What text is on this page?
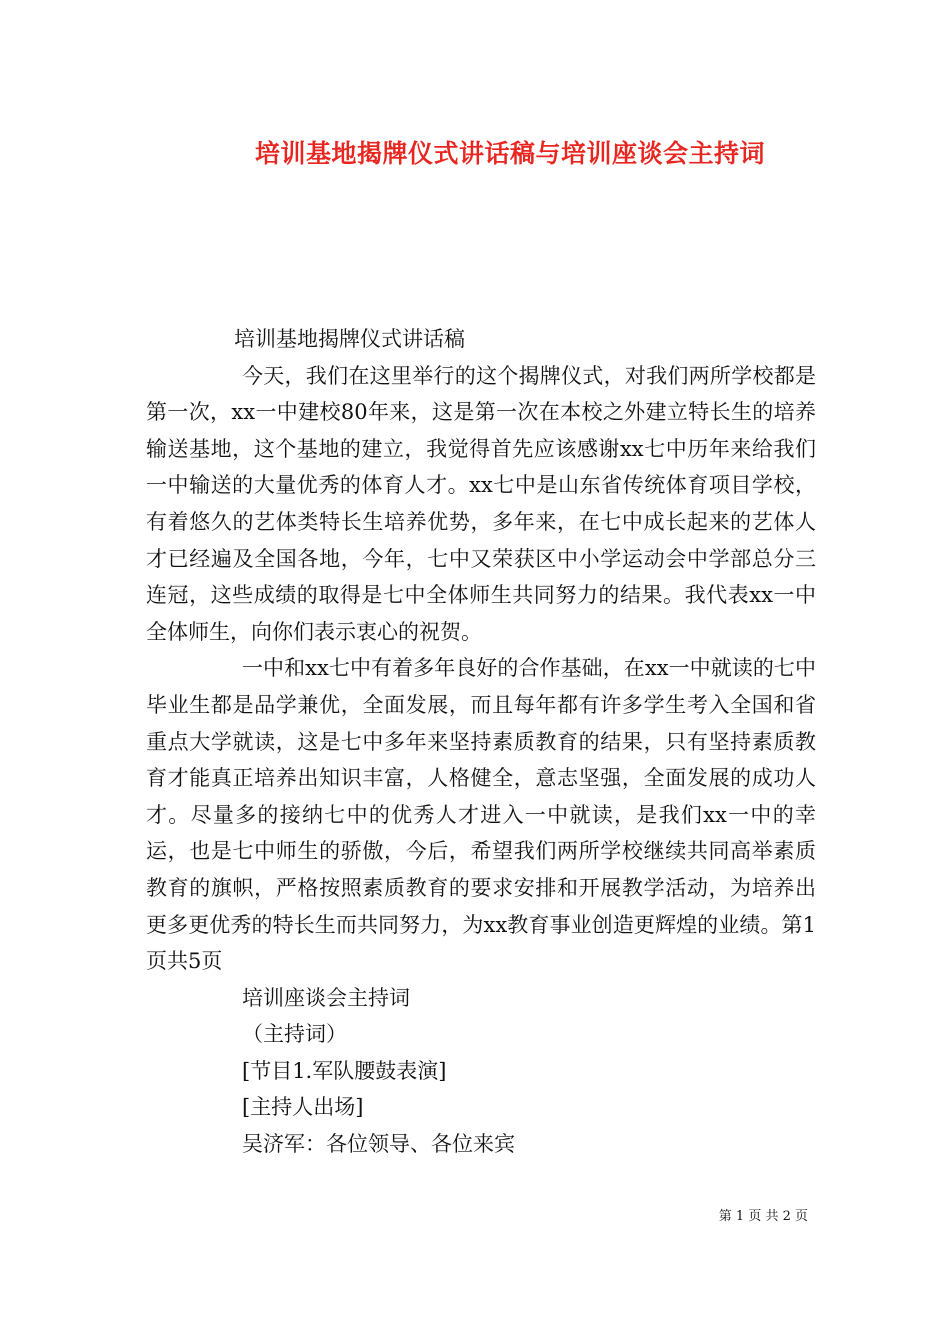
培训基地揭牌仪式讲话稿与培训座谈会主持词

培训基地揭牌仪式讲话稿

今天，我们在这里举行的这个揭牌仪式，对我们两所学校都是第一次，xx一中建校80年来，这是第一次在本校之外建立特长生的培养输送基地，这个基地的建立，我觉得首先应该感谢xx七中历年来给我们一中输送的大量优秀的体育人才。xx七中是山东省传统体育项目学校，有着悠久的艺体类特长生培养优势，多年来，在七中成长起来的艺体人才已经遍及全国各地，今年，七中又荣获区中小学运动会中学部总分三连冠，这些成绩的取得是七中全体师生共同努力的结果。我代表xx一中全体师生，向你们表示衷心的祝贺。

一中和xx七中有着多年良好的合作基础，在xx一中就读的七中毕业生都是品学兼优，全面发展，而且每年都有许多学生考入全国和省重点大学就读，这是七中多年来坚持素质教育的结果，只有坚持素质教育才能真正培养出知识丰富，人格健全，意志坚强，全面发展的成功人才。尽量多的接纳七中的优秀人才进入一中就读，是我们xx一中的幸运，也是七中师生的骄傲，今后，希望我们两所学校继续共同高举素质教育的旗帜，严格按照素质教育的要求安排和开展教学活动，为培养出更多更优秀的特长生而共同努力，为xx教育事业创造更辉煌的业绩。第1页共5页

培训座谈会主持词

（主持词）

[节目1.军队腰鼓表演]

[主持人出场]

吴济军：各位领导、各位来宾

第 1 页 共 2 页
